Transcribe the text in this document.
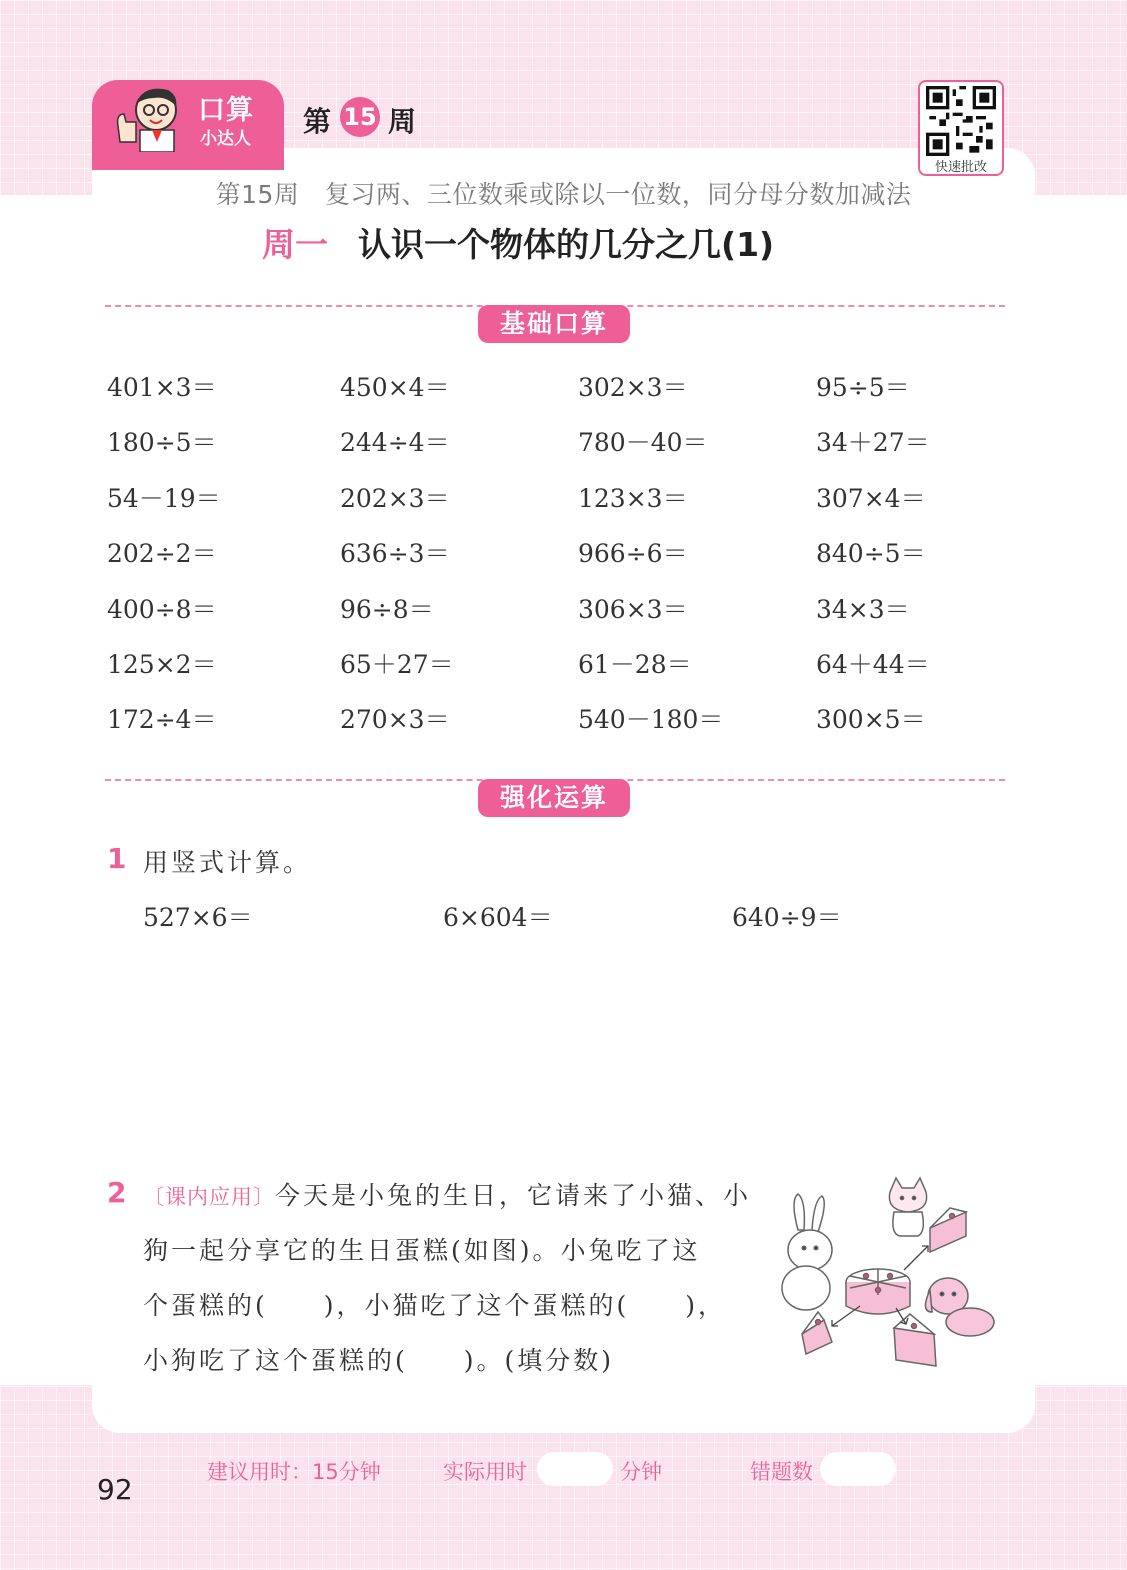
口算
小达人
第 15 周
快速批改
第15周　复习两、三位数乘或除以一位数，同分母分数加减法
周一 认识一个物体的几分之几(1)
基础口算
401×3＝	450×4＝	302×3＝	95÷5＝
180÷5＝	244÷4＝	780－40＝	34＋27＝
54－19＝	202×3＝	123×3＝	307×4＝
202÷2＝	636÷3＝	966÷6＝	840÷5＝
400÷8＝	96÷8＝	306×3＝	34×3＝
125×2＝	65＋27＝	61－28＝	64＋44＝
172÷4＝	270×3＝	540－180＝	300×5＝
强化运算
1 用竖式计算。
527×6＝	6×604＝	640÷9＝
2 〔课内应用〕今天是小兔的生日，它请来了小猫、小
狗一起分享它的生日蛋糕(如图)。小兔吃了这
个蛋糕的(　　)，小猫吃了这个蛋糕的(　　)，
小狗吃了这个蛋糕的(　　)。(填分数)
建议用时：15分钟	实际用时	分钟	错题数
92
